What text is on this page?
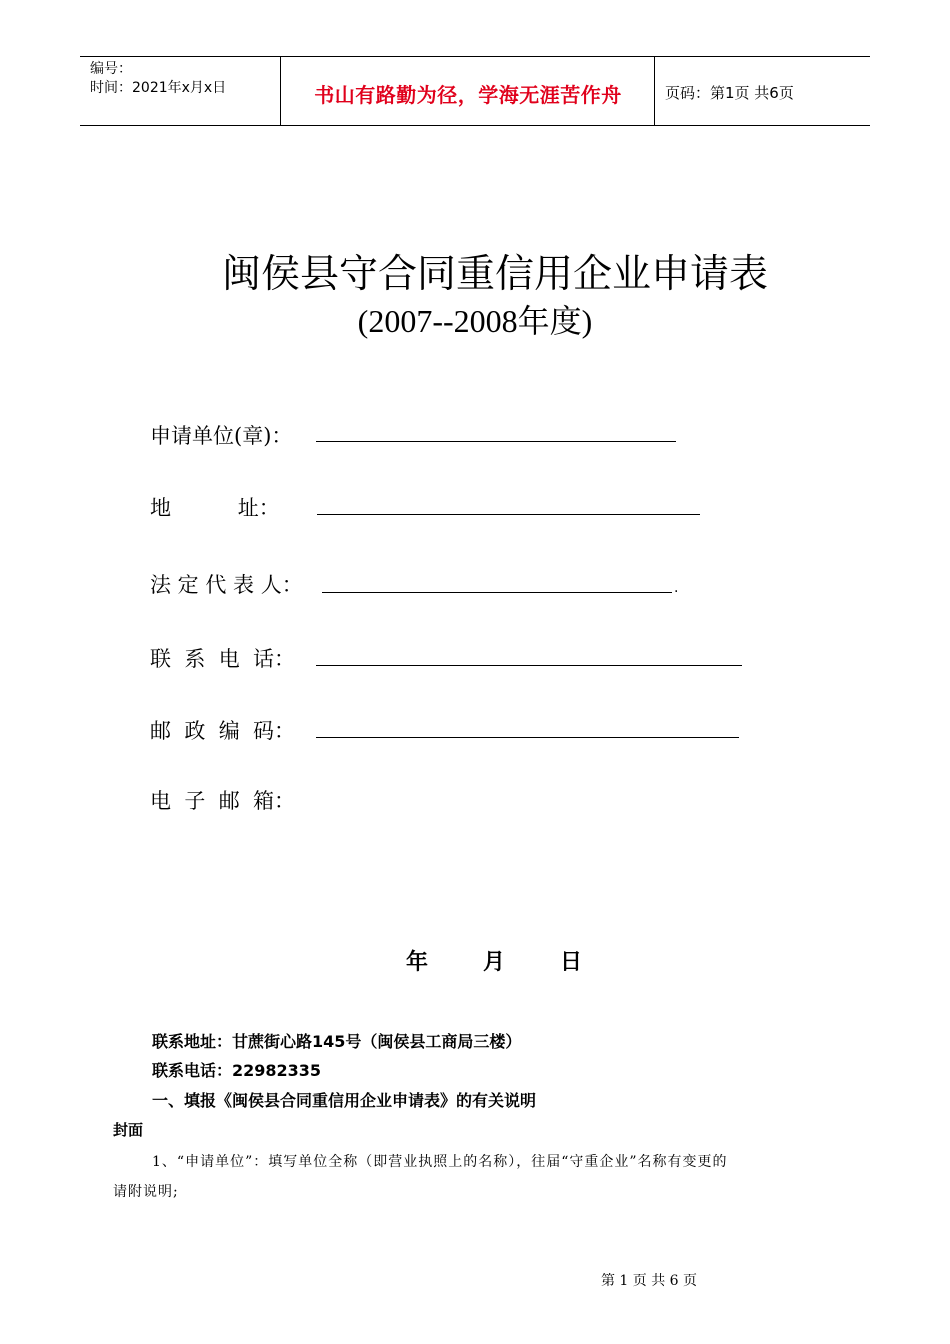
编号：
时间：2021年x月x日	书山有路勤为径，学海无涯苦作舟	页码：第1页 共6页
闽侯县守合同重信用企业申请表
(2007--2008年度)
申请单位(章)：
地          址：
法 定 代 表 人：	.
联  系  电  话：
邮  政  编  码：
电  子  邮  箱：
年 月 日
联系地址：甘蔗街心路145号（闽侯县工商局三楼）
联系电话：22982335
一、填报《闽侯县合同重信用企业申请表》的有关说明
封面
1、“申请单位”：填写单位全称（即营业执照上的名称），往届“守重企业”名称有变更的
请附说明;
第 1 页 共 6 页
